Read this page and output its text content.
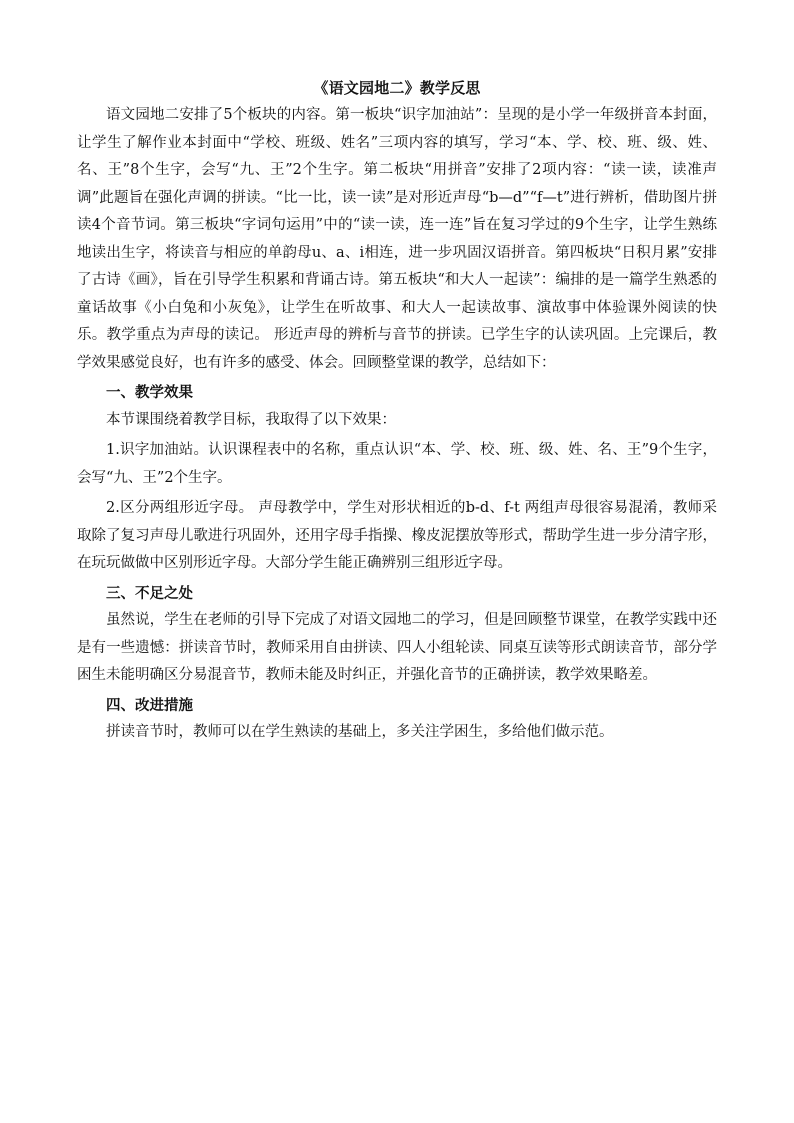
《语文园地二》教学反思

语文园地二安排了5个板块的内容。第一板块“识字加油站”：呈现的是小学一年级拼音本封面，让学生了解作业本封面中“学校、班级、姓名”三项内容的填写，学习“本、学、校、班、级、姓、名、王”8个生字，会写“九、王”2个生字。第二板块“用拼音”安排了2项内容：“读一读，读准声调”此题旨在强化声调的拼读。“比一比，读一读”是对形近声母“b—d”“f—t”进行辨析，借助图片拼读4个音节词。第三板块“字词句运用”中的“读一读，连一连”旨在复习学过的9个生字，让学生熟练地读出生字，将读音与相应的单韵母u、a、i相连，进一步巩固汉语拼音。第四板块“日积月累”安排了古诗《画》，旨在引导学生积累和背诵古诗。第五板块“和大人一起读”：编排的是一篇学生熟悉的童话故事《小白兔和小灰兔》，让学生在听故事、和大人一起读故事、演故事中体验课外阅读的快乐。教学重点为声母的读记。 形近声母的辨析与音节的拼读。已学生字的认读巩固。上完课后，教学效果感觉良好，也有许多的感受、体会。回顾整堂课的教学，总结如下：

一、教学效果

本节课围绕着教学目标，我取得了以下效果：

1.识字加油站。认识课程表中的名称，重点认识“本、学、校、班、级、姓、名、王”9个生字，会写“九、王”2个生字。

2.区分两组形近字母。 声母教学中，学生对形状相近的b-d、f-t 两组声母很容易混淆，教师采取除了复习声母儿歌进行巩固外，还用字母手指操、橡皮泥摆放等形式，帮助学生进一步分清字形，在玩玩做做中区别形近字母。大部分学生能正确辨别三组形近字母。

三、不足之处

虽然说，学生在老师的引导下完成了对语文园地二的学习，但是回顾整节课堂，在教学实践中还是有一些遗憾：拼读音节时，教师采用自由拼读、四人小组轮读、同桌互读等形式朗读音节，部分学困生未能明确区分易混音节，教师未能及时纠正，并强化音节的正确拼读，教学效果略差。

四、改进措施

拼读音节时，教师可以在学生熟读的基础上，多关注学困生，多给他们做示范。
